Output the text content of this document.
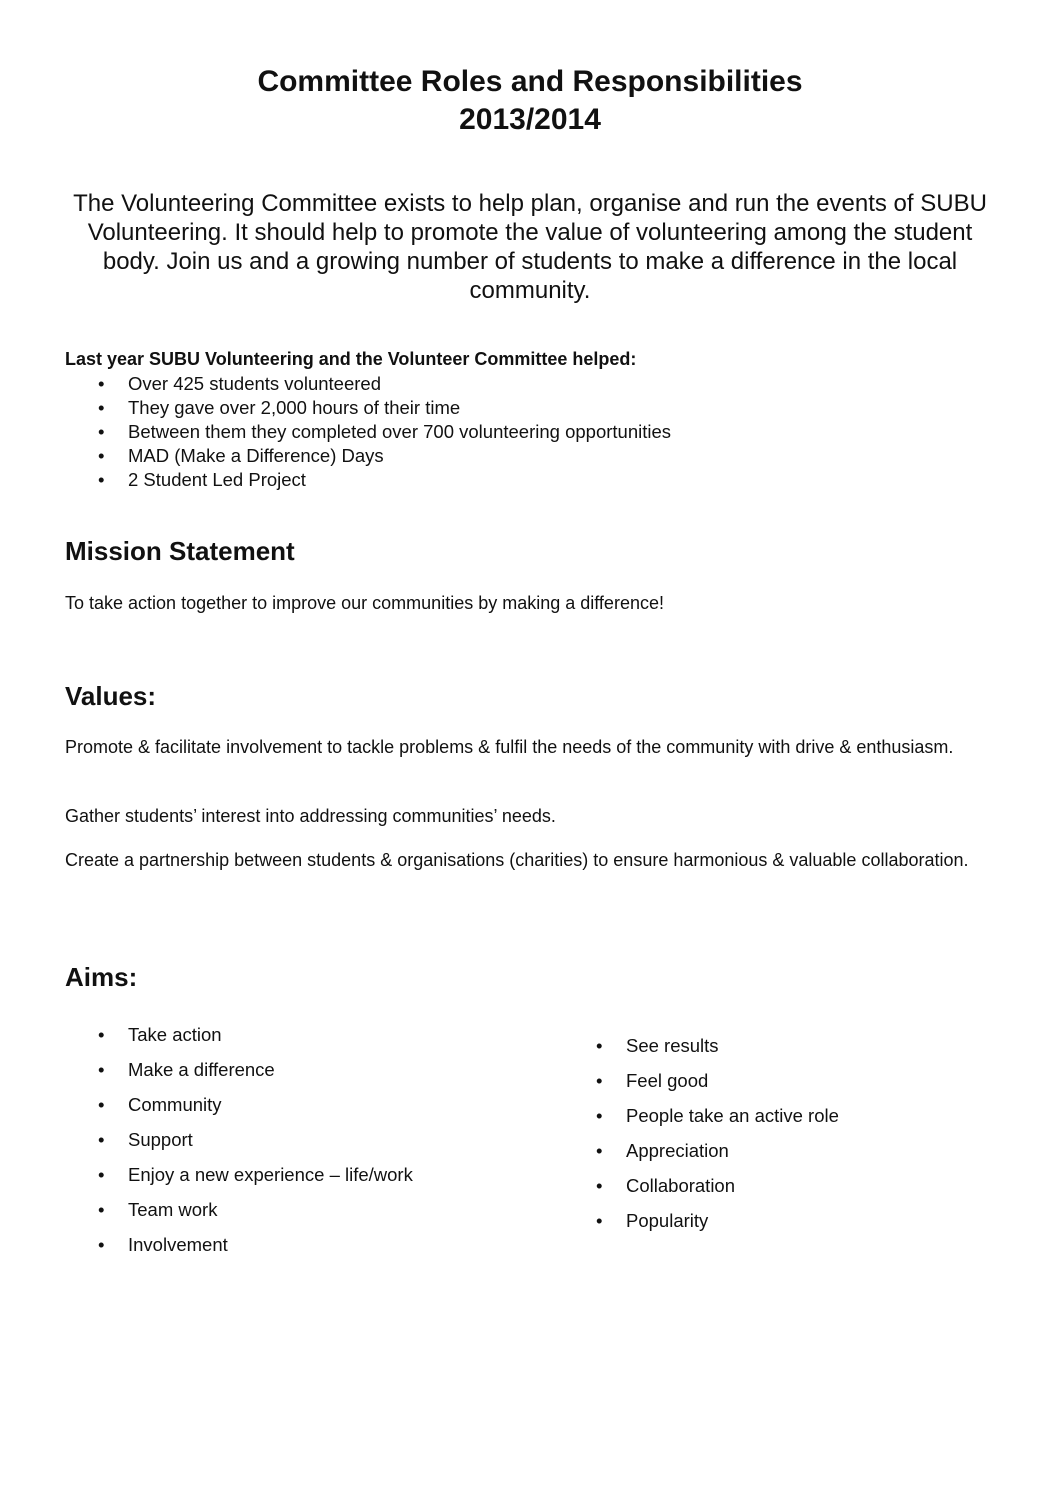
Committee Roles and Responsibilities
2013/2014
The Volunteering Committee exists to help plan, organise and run the events of SUBU Volunteering. It should help to promote the value of volunteering among the student body. Join us and a growing number of students to make a difference in the local community.
Last year SUBU Volunteering and the Volunteer Committee helped:
• Over 425 students volunteered
• They gave over 2,000 hours of their time
• Between them they completed over 700 volunteering opportunities
• MAD (Make a Difference) Days
• 2 Student Led Project
Mission Statement
To take action together to improve our communities by making a difference!
Values:
Promote & facilitate involvement to tackle problems & fulfil the needs of the community with drive & enthusiasm.
Gather students’ interest into addressing communities’ needs.
Create a partnership between students & organisations (charities) to ensure harmonious & valuable collaboration.
Aims:
• Take action
• Make a difference
• Community
• Support
• Enjoy a new experience – life/work
• Team work
• Involvement
• See results
• Feel good
• People take an active role
• Appreciation
• Collaboration
• Popularity
